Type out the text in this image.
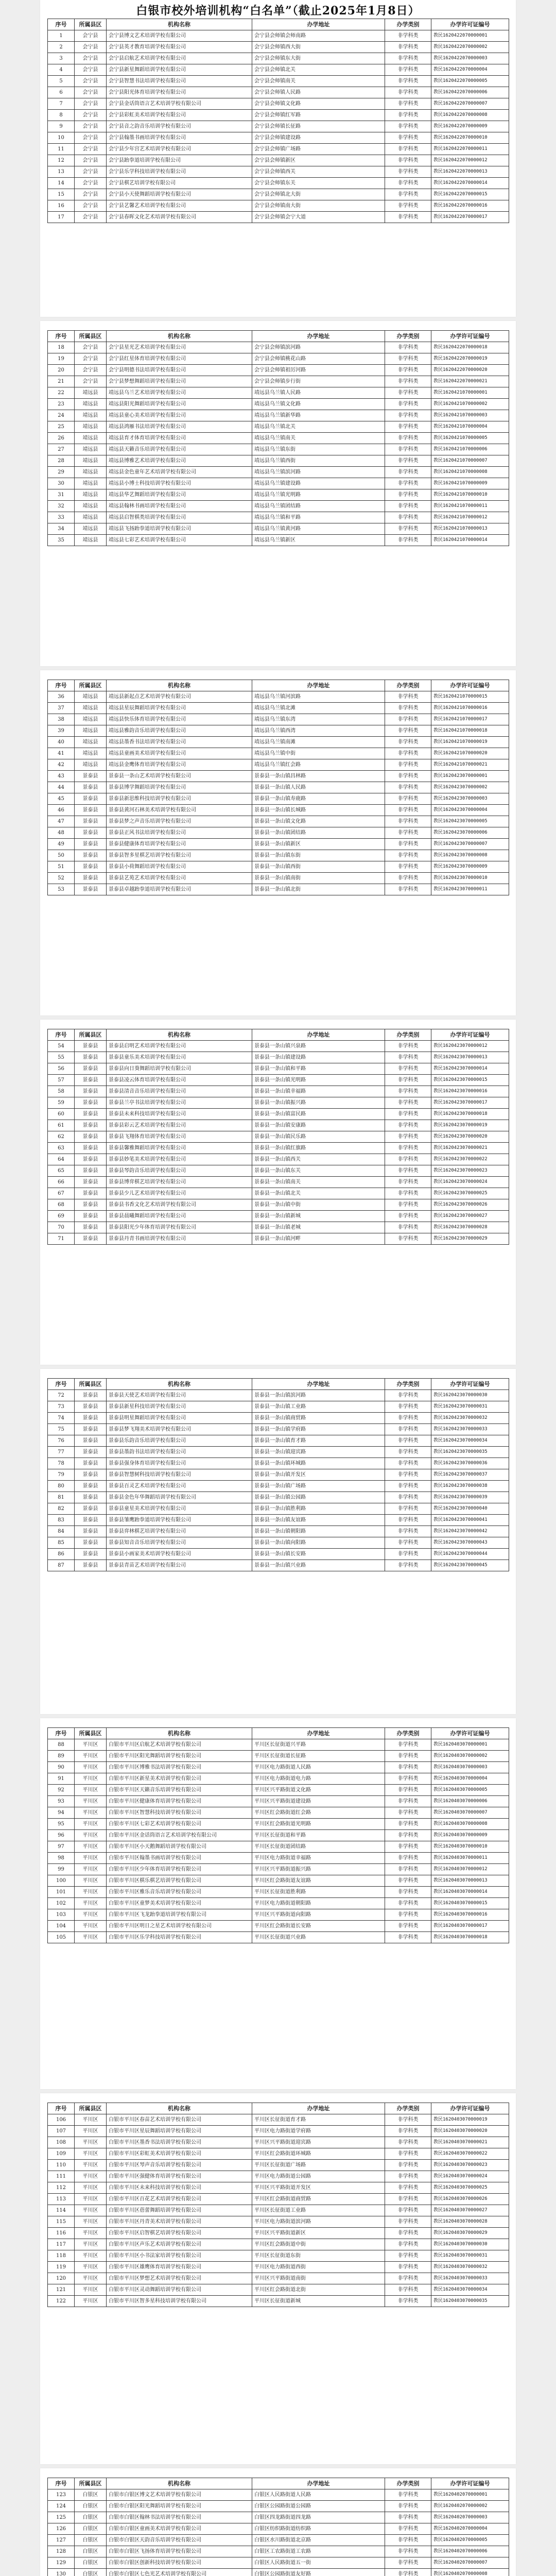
白银市校外培训机构“白名单”（截止2025年1月8日）
序号	所属县区	机构名称	办学地址	办学类别	办学许可证编号
1	会宁县	会宁县博文艺术培训学校有限公司	会宁县会师镇会师南路	非学科类	教民1620422070000001
2	会宁县	会宁县英才教育培训学校有限公司	会宁县会师镇西大街	非学科类	教民1620422070000002
3	会宁县	会宁县启航艺术培训学校有限公司	会宁县会师镇东大街	非学科类	教民1620422070000003
4	会宁县	会宁县新星舞蹈培训学校有限公司	会宁县会师镇北关	非学科类	教民1620422070000004
5	会宁县	会宁县智慧书法培训学校有限公司	会宁县会师镇南关	非学科类	教民1620422070000005
6	会宁县	会宁县阳光体育培训学校有限公司	会宁县会师镇人民路	非学科类	教民1620422070000006
7	会宁县	会宁县金话筒语言艺术培训学校有限公司	会宁县会师镇文化路	非学科类	教民1620422070000007
8	会宁县	会宁县彩虹美术培训学校有限公司	会宁县会师镇红军路	非学科类	教民1620422070000008
9	会宁县	会宁县音之韵音乐培训学校有限公司	会宁县会师镇长征路	非学科类	教民1620422070000009
10	会宁县	会宁县翰墨书画培训学校有限公司	会宁县会师镇建设路	非学科类	教民1620422070000010
11	会宁县	会宁县少年宫艺术培训学校有限公司	会宁县会师镇广场路	非学科类	教民1620422070000011
12	会宁县	会宁县跆拳道培训学校有限公司	会宁县会师镇新区	非学科类	教民1620422070000012
13	会宁县	会宁县乐学科技培训学校有限公司	会宁县会师镇西关	非学科类	教民1620422070000013
14	会宁县	会宁县棋艺培训学校有限公司	会宁县会师镇东关	非学科类	教民1620422070000014
15	会宁县	会宁县小天使舞蹈培训学校有限公司	会宁县会师镇北大街	非学科类	教民1620422070000015
16	会宁县	会宁县艺馨艺术培训学校有限公司	会宁县会师镇南大街	非学科类	教民1620422070000016
17	会宁县	会宁县春晖文化艺术培训学校有限公司	会宁县会师镇会宁大道	非学科类	教民1620422070000017
序号	所属县区	机构名称	办学地址	办学类别	办学许可证编号
18	会宁县	会宁县星光艺术培训学校有限公司	会宁县会师镇滨河路	非学科类	教民1620422070000018
19	会宁县	会宁县红星体育培训学校有限公司	会宁县会师镇桃花山路	非学科类	教民1620422070000019
20	会宁县	会宁县明德书法培训学校有限公司	会宁县会师镇祖厉河路	非学科类	教民1620422070000020
21	会宁县	会宁县梦想舞蹈培训学校有限公司	会宁县会师镇步行街	非学科类	教民1620422070000021
22	靖远县	靖远县乌兰艺术培训学校有限公司	靖远县乌兰镇人民路	非学科类	教民1620421070000001
23	靖远县	靖远县阳光舞蹈培训学校有限公司	靖远县乌兰镇文化路	非学科类	教民1620421070000002
24	靖远县	靖远县童心美术培训学校有限公司	靖远县乌兰镇新华路	非学科类	教民1620421070000003
25	靖远县	靖远县鸿雁书法培训学校有限公司	靖远县乌兰镇北关	非学科类	教民1620421070000004
26	靖远县	靖远县育才体育培训学校有限公司	靖远县乌兰镇南关	非学科类	教民1620421070000005
27	靖远县	靖远县天籁音乐培训学校有限公司	靖远县乌兰镇东街	非学科类	教民1620421070000006
28	靖远县	靖远县博雅艺术培训学校有限公司	靖远县乌兰镇西街	非学科类	教民1620421070000007
29	靖远县	靖远县金色童年艺术培训学校有限公司	靖远县乌兰镇滨河路	非学科类	教民1620421070000008
30	靖远县	靖远县小博士科技培训学校有限公司	靖远县乌兰镇建设路	非学科类	教民1620421070000009
31	靖远县	靖远县华艺舞蹈培训学校有限公司	靖远县乌兰镇光明路	非学科类	教民1620421070000010
32	靖远县	靖远县翰林书画培训学校有限公司	靖远县乌兰镇团结路	非学科类	教民1620421070000011
33	靖远县	靖远县启智棋类培训学校有限公司	靖远县乌兰镇和平路	非学科类	教民1620421070000012
34	靖远县	靖远县飞扬跆拳道培训学校有限公司	靖远县乌兰镇黄河路	非学科类	教民1620421070000013
35	靖远县	靖远县七彩艺术培训学校有限公司	靖远县乌兰镇新区	非学科类	教民1620421070000014
序号	所属县区	机构名称	办学地址	办学类别	办学许可证编号
36	靖远县	靖远县新起点艺术培训学校有限公司	靖远县乌兰镇河滨路	非学科类	教民1620421070000015
37	靖远县	靖远县星辰舞蹈培训学校有限公司	靖远县乌兰镇北滩	非学科类	教民1620421070000016
38	靖远县	靖远县快乐体育培训学校有限公司	靖远县乌兰镇东湾	非学科类	教民1620421070000017
39	靖远县	靖远县雅韵音乐培训学校有限公司	靖远县乌兰镇西湾	非学科类	教民1620421070000018
40	靖远县	靖远县墨香书法培训学校有限公司	靖远县乌兰镇南滩	非学科类	教民1620421070000019
41	靖远县	靖远县童画美术培训学校有限公司	靖远县乌兰镇中街	非学科类	教民1620421070000020
42	靖远县	靖远县金鹰体育培训学校有限公司	靖远县乌兰镇红会路	非学科类	教民1620421070000021
43	景泰县	景泰县一条山艺术培训学校有限公司	景泰县一条山镇昌林路	非学科类	教民1620423070000001
44	景泰县	景泰县博学舞蹈培训学校有限公司	景泰县一条山镇人民路	非学科类	教民1620423070000002
45	景泰县	景泰县新思维科技培训学校有限公司	景泰县一条山镇寿鹿路	非学科类	教民1620423070000003
46	景泰县	景泰县黄河石林美术培训学校有限公司	景泰县一条山镇长城路	非学科类	教民1620423070000004
47	景泰县	景泰县梦之声音乐培训学校有限公司	景泰县一条山镇文化路	非学科类	教民1620423070000005
48	景泰县	景泰县正风书法培训学校有限公司	景泰县一条山镇团结路	非学科类	教民1620423070000006
49	景泰县	景泰县健康体育培训学校有限公司	景泰县一条山镇新区	非学科类	教民1620423070000007
50	景泰县	景泰县智多星棋艺培训学校有限公司	景泰县一条山镇东街	非学科类	教民1620423070000008
51	景泰县	景泰县小荷舞蹈培训学校有限公司	景泰县一条山镇西街	非学科类	教民1620423070000009
52	景泰县	景泰县艺苑艺术培训学校有限公司	景泰县一条山镇南街	非学科类	教民1620423070000010
53	景泰县	景泰县卓越跆拳道培训学校有限公司	景泰县一条山镇北街	非学科类	教民1620423070000011
序号	所属县区	机构名称	办学地址	办学类别	办学许可证编号
54	景泰县	景泰县启明艺术培训学校有限公司	景泰县一条山镇兴泉路	非学科类	教民1620423070000012
55	景泰县	景泰县童乐美术培训学校有限公司	景泰县一条山镇建设路	非学科类	教民1620423070000013
56	景泰县	景泰县向日葵舞蹈培训学校有限公司	景泰县一条山镇和平路	非学科类	教民1620423070000014
57	景泰县	景泰县凌云体育培训学校有限公司	景泰县一条山镇光明路	非学科类	教民1620423070000015
58	景泰县	景泰县清音音乐培训学校有限公司	景泰县一条山镇幸福路	非学科类	教民1620423070000016
59	景泰县	景泰县兰亭书法培训学校有限公司	景泰县一条山镇振兴路	非学科类	教民1620423070000017
60	景泰县	景泰县未来科技培训学校有限公司	景泰县一条山镇富民路	非学科类	教民1620423070000018
61	景泰县	景泰县彩云艺术培训学校有限公司	景泰县一条山镇安康路	非学科类	教民1620423070000019
62	景泰县	景泰县飞翔体育培训学校有限公司	景泰县一条山镇民乐路	非学科类	教民1620423070000020
63	景泰县	景泰县馨雅舞蹈培训学校有限公司	景泰县一条山镇红旗路	非学科类	教民1620423070000021
64	景泰县	景泰县妙笔美术培训学校有限公司	景泰县一条山镇西关	非学科类	教民1620423070000022
65	景泰县	景泰县琴韵音乐培训学校有限公司	景泰县一条山镇东关	非学科类	教民1620423070000023
66	景泰县	景泰县博弈棋艺培训学校有限公司	景泰县一条山镇南关	非学科类	教民1620423070000024
67	景泰县	景泰县少儿艺术培训学校有限公司	景泰县一条山镇北关	非学科类	教民1620423070000025
68	景泰县	景泰县书香文化艺术培训学校有限公司	景泰县一条山镇中街	非学科类	教民1620423070000026
69	景泰县	景泰县晨曦舞蹈培训学校有限公司	景泰县一条山镇新城	非学科类	教民1620423070000027
70	景泰县	景泰县阳光少年体育培训学校有限公司	景泰县一条山镇老城	非学科类	教民1620423070000028
71	景泰县	景泰县丹青书画培训学校有限公司	景泰县一条山镇河畔	非学科类	教民1620423070000029
序号	所属县区	机构名称	办学地址	办学类别	办学许可证编号
72	景泰县	景泰县天使艺术培训学校有限公司	景泰县一条山镇滨河路	非学科类	教民1620423070000030
73	景泰县	景泰县新星科技培训学校有限公司	景泰县一条山镇工业路	非学科类	教民1620423070000031
74	景泰县	景泰县明星舞蹈培训学校有限公司	景泰县一条山镇商贸路	非学科类	教民1620423070000032
75	景泰县	景泰县梦飞翔美术培训学校有限公司	景泰县一条山镇学府路	非学科类	教民1620423070000033
76	景泰县	景泰县乐韵音乐培训学校有限公司	景泰县一条山镇育才路	非学科类	教民1620423070000034
77	景泰县	景泰县墨韵书法培训学校有限公司	景泰县一条山镇迎宾路	非学科类	教民1620423070000035
78	景泰县	景泰县强身体育培训学校有限公司	景泰县一条山镇环城路	非学科类	教民1620423070000036
79	景泰县	景泰县智慧树科技培训学校有限公司	景泰县一条山镇开发区	非学科类	教民1620423070000037
80	景泰县	景泰县百灵艺术培训学校有限公司	景泰县一条山镇广场路	非学科类	教民1620423070000038
81	景泰县	景泰县金色年华舞蹈培训学校有限公司	景泰县一条山镇公园路	非学科类	教民1620423070000039
82	景泰县	景泰县童星美术培训学校有限公司	景泰县一条山镇胜利路	非学科类	教民1620423070000040
83	景泰县	景泰县雏鹰跆拳道培训学校有限公司	景泰县一条山镇友谊路	非学科类	教民1620423070000041
84	景泰县	景泰县弈林棋艺培训学校有限公司	景泰县一条山镇朝阳路	非学科类	教民1620423070000042
85	景泰县	景泰县知音音乐培训学校有限公司	景泰县一条山镇向阳路	非学科类	教民1620423070000043
86	景泰县	景泰县小画家美术培训学校有限公司	景泰县一条山镇长安路	非学科类	教民1620423070000044
87	景泰县	景泰县青苗艺术培训学校有限公司	景泰县一条山镇兴业路	非学科类	教民1620423070000045
序号	所属县区	机构名称	办学地址	办学类别	办学许可证编号
88	平川区	白银市平川区启航艺术培训学校有限公司	平川区长征街道兴平路	非学科类	教民1620403070000001
89	平川区	白银市平川区阳光舞蹈培训学校有限公司	平川区长征街道长征路	非学科类	教民1620403070000002
90	平川区	白银市平川区博雅书法培训学校有限公司	平川区电力路街道人民路	非学科类	教民1620403070000003
91	平川区	白银市平川区新星美术培训学校有限公司	平川区电力路街道电力路	非学科类	教民1620403070000004
92	平川区	白银市平川区天籁音乐培训学校有限公司	平川区兴平路街道文化路	非学科类	教民1620403070000005
93	平川区	白银市平川区健康体育培训学校有限公司	平川区兴平路街道建设路	非学科类	教民1620403070000006
94	平川区	白银市平川区智慧科技培训学校有限公司	平川区红会路街道红会路	非学科类	教民1620403070000007
95	平川区	白银市平川区七彩艺术培训学校有限公司	平川区红会路街道光明路	非学科类	教民1620403070000008
96	平川区	白银市平川区金话筒语言艺术培训学校有限公司	平川区长征街道和平路	非学科类	教民1620403070000009
97	平川区	白银市平川区小天鹅舞蹈培训学校有限公司	平川区长征街道团结路	非学科类	教民1620403070000010
98	平川区	白银市平川区翰墨书画培训学校有限公司	平川区电力路街道幸福路	非学科类	教民1620403070000011
99	平川区	白银市平川区少年体育培训学校有限公司	平川区兴平路街道振兴路	非学科类	教民1620403070000012
100	平川区	白银市平川区棋乐棋艺培训学校有限公司	平川区红会路街道友谊路	非学科类	教民1620403070000013
101	平川区	白银市平川区雅乐音乐培训学校有限公司	平川区长征街道胜利路	非学科类	教民1620403070000014
102	平川区	白银市平川区童梦美术培训学校有限公司	平川区电力路街道朝阳路	非学科类	教民1620403070000015
103	平川区	白银市平川区飞龙跆拳道培训学校有限公司	平川区兴平路街道向阳路	非学科类	教民1620403070000016
104	平川区	白银市平川区明日之星艺术培训学校有限公司	平川区红会路街道长安路	非学科类	教民1620403070000017
105	平川区	白银市平川区乐学科技培训学校有限公司	平川区长征街道兴业路	非学科类	教民1620403070000018
序号	所属县区	机构名称	办学地址	办学类别	办学许可证编号
106	平川区	白银市平川区春苗艺术培训学校有限公司	平川区长征街道育才路	非学科类	教民1620403070000019
107	平川区	白银市平川区星辰舞蹈培训学校有限公司	平川区电力路街道学府路	非学科类	教民1620403070000020
108	平川区	白银市平川区墨香书法培训学校有限公司	平川区兴平路街道迎宾路	非学科类	教民1620403070000021
109	平川区	白银市平川区彩虹美术培训学校有限公司	平川区红会路街道环城路	非学科类	教民1620403070000022
110	平川区	白银市平川区琴声音乐培训学校有限公司	平川区长征街道广场路	非学科类	教民1620403070000023
111	平川区	白银市平川区强健体育培训学校有限公司	平川区电力路街道公园路	非学科类	教民1620403070000024
112	平川区	白银市平川区未来科技培训学校有限公司	平川区兴平路街道开发区	非学科类	教民1620403070000025
113	平川区	白银市平川区百花艺术培训学校有限公司	平川区红会路街道商贸路	非学科类	教民1620403070000026
114	平川区	白银市平川区蓓蕾舞蹈培训学校有限公司	平川区长征街道工业路	非学科类	教民1620403070000027
115	平川区	白银市平川区丹青美术培训学校有限公司	平川区电力路街道滨河路	非学科类	教民1620403070000028
116	平川区	白银市平川区启智棋艺培训学校有限公司	平川区兴平路街道新区	非学科类	教民1620403070000029
117	平川区	白银市平川区声乐艺术培训学校有限公司	平川区红会路街道中街	非学科类	教民1620403070000030
118	平川区	白银市平川区小书法家培训学校有限公司	平川区长征街道东街	非学科类	教民1620403070000031
119	平川区	白银市平川区雄鹰体育培训学校有限公司	平川区电力路街道西街	非学科类	教民1620403070000032
120	平川区	白银市平川区梦想艺术培训学校有限公司	平川区兴平路街道南街	非学科类	教民1620403070000033
121	平川区	白银市平川区灵动舞蹈培训学校有限公司	平川区红会路街道北街	非学科类	教民1620403070000034
122	平川区	白银市平川区智多星科技培训学校有限公司	平川区长征街道新城	非学科类	教民1620403070000035
序号	所属县区	机构名称	办学地址	办学类别	办学许可证编号
123	白银区	白银市白银区博文艺术培训学校有限公司	白银区人民路街道人民路	非学科类	教民1620402070000001
124	白银区	白银市白银区阳光舞蹈培训学校有限公司	白银区公园路街道公园路	非学科类	教民1620402070000002
125	白银区	白银市白银区翰林书法培训学校有限公司	白银区四龙路街道四龙路	非学科类	教民1620402070000003
126	白银区	白银市白银区童画美术培训学校有限公司	白银区纺织路街道纺织路	非学科类	教民1620402070000004
127	白银区	白银市白银区天韵音乐培训学校有限公司	白银区水川路街道北京路	非学科类	教民1620402070000005
128	白银区	白银市白银区飞扬体育培训学校有限公司	白银区工农路街道工农路	非学科类	教民1620402070000006
129	白银区	白银市白银区创新科技培训学校有限公司	白银区人民路街道五一街	非学科类	教民1620402070000007
130	白银区	白银市白银区七色光艺术培训学校有限公司	白银区公园路街道友好路	非学科类	教民1620402070000008
